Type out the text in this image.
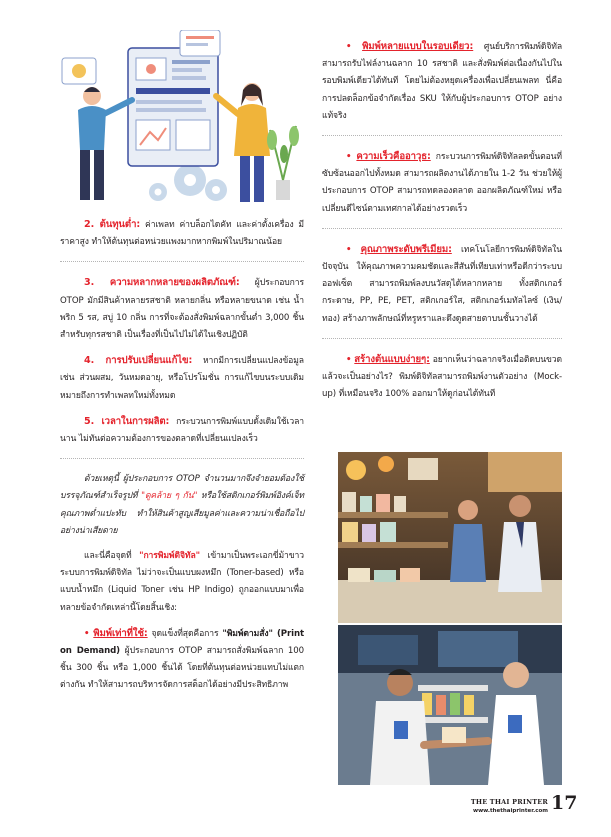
2. ต้นทุนต่ำ: ค่าเพลท ค่าบล็อกไดคัท และค่าตั้งเครื่อง มีราคาสูง ทำให้ต้นทุนต่อหน่วยแพงมากหากพิมพ์ในปริมาณน้อย

3. ความหลากหลายของผลิตภัณฑ์: ผู้ประกอบการ OTOP มักมีสินค้าหลายรสชาติ หลายกลิ่น หรือหลายขนาด เช่น น้ำพริก 5 รส, สบู่ 10 กลิ่น การที่จะต้องสั่งพิมพ์ฉลากขั้นต่ำ 3,000 ชิ้น สำหรับทุกรสชาติ เป็นเรื่องที่เป็นไปไม่ได้ในเชิงปฏิบัติ

4. การปรับเปลี่ยนแก้ไข: หากมีการเปลี่ยนแปลงข้อมูล เช่น ส่วนผสม, วันหมดอายุ, หรือโปรโมชั่น การแก้ไขบนระบบเดิมหมายถึงการทำเพลทใหม่ทั้งหมด

5. เวลาในการผลิต: กระบวนการพิมพ์แบบดั้งเดิมใช้เวลานาน ไม่ทันต่อความต้องการของตลาดที่เปลี่ยนแปลงเร็ว

ด้วยเหตุนี้ ผู้ประกอบการ OTOP จำนวนมากจึงจำยอมต้องใช้บรรจุภัณฑ์สำเร็จรูปที่ "ดูคล้าย ๆ กัน" หรือใช้สติกเกอร์พิมพ์อิงค์เจ็ทคุณภาพต่ำแปะทับ ทำให้สินค้าสูญเสียมูลค่าและความน่าเชื่อถือไปอย่างน่าเสียดาย

และนี่คือจุดที่ "การพิมพ์ดิจิทัล" เข้ามาเป็นพระเอกขี่ม้าขาว ระบบการพิมพ์ดิจิทัล ไม่ว่าจะเป็นแบบผงหมึก (Toner-based) หรือแบบน้ำหมึก (Liquid Toner เช่น HP Indigo) ถูกออกแบบมาเพื่อทลายข้อจำกัดเหล่านี้โดยสิ้นเชิง:

• พิมพ์เท่าที่ใช้: จุดแข็งที่สุดคือการ "พิมพ์ตามสั่ง" (Print on Demand) ผู้ประกอบการ OTOP สามารถสั่งพิมพ์ฉลาก 100 ชิ้น 300 ชิ้น หรือ 1,000 ชิ้นได้ โดยที่ต้นทุนต่อหน่วยแทบไม่แตกต่างกัน ทำให้สามารถบริหารจัดการสต็อกได้อย่างมีประสิทธิภาพ

• พิมพ์หลายแบบในรอบเดียว: ศูนย์บริการพิมพ์ดิจิทัลสามารถรับไฟล์งานฉลาก 10 รสชาติ และสั่งพิมพ์ต่อเนื่องกันไปในรอบพิมพ์เดียวได้ทันที โดยไม่ต้องหยุดเครื่องเพื่อเปลี่ยนเพลท นี่คือการปลดล็อกข้อจำกัดเรื่อง SKU ให้กับผู้ประกอบการ OTOP อย่างแท้จริง

• ความเร็วคืออาวุธ: กระบวนการพิมพ์ดิจิทัลลดขั้นตอนที่ซับซ้อนออกไปทั้งหมด สามารถผลิตงานได้ภายใน 1-2 วัน ช่วยให้ผู้ประกอบการ OTOP สามารถทดลองตลาด ออกผลิตภัณฑ์ใหม่ หรือเปลี่ยนดีไซน์ตามเทศกาลได้อย่างรวดเร็ว

• คุณภาพระดับพรีเมียม: เทคโนโลยีการพิมพ์ดิจิทัลในปัจจุบัน ให้คุณภาพความคมชัดและสีสันที่เทียบเท่าหรือดีกว่าระบบออฟเซ็ต สามารถพิมพ์ลงบนวัสดุได้หลากหลาย ทั้งสติกเกอร์กระดาษ, PP, PE, PET, สติกเกอร์ใส, สติกเกอร์เมทัลไลซ์ (เงิน/ทอง) สร้างภาพลักษณ์ที่หรูหราและดึงดูดสายตาบนชั้นวางได้

• สร้างต้นแบบง่ายๆ: อยากเห็นว่าฉลากจริงเมื่อติดบนขวดแล้วจะเป็นอย่างไร? พิมพ์ดิจิทัลสามารถพิมพ์งานตัวอย่าง (Mock-up) ที่เหมือนจริง 100% ออกมาให้ดูก่อนได้ทันที

THE THAI PRINTER
www.thethaiprinter.com 17
